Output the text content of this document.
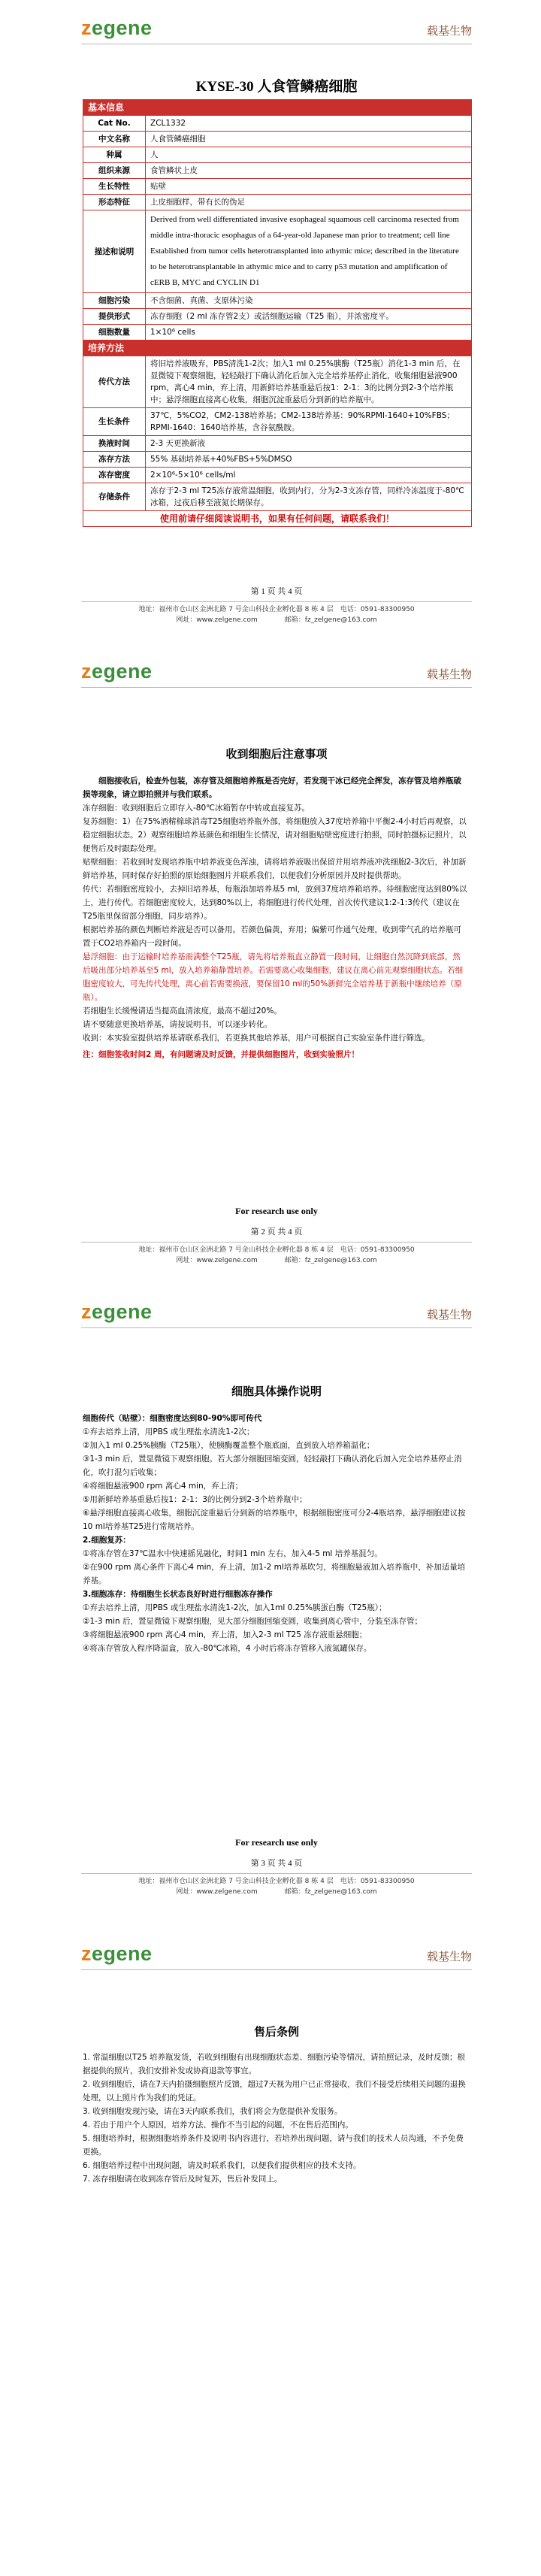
zegene	载基生物
KYSE-30 人食管鳞癌细胞
基本信息	
Cat No.	ZCL1332
中文名称	人食管鳞癌细胞
种属	人
组织来源	食管鳞状上皮
生长特性	贴壁
形态特征	上皮细胞样，带有长的伪足
描述和说明	Derived from well differentiated invasive esophageal squamous cell carcinoma resected from middle intra-thoracic esophagus of a 64-year-old Japanese man prior to treatment; cell line Established from tumor cells heterotransplanted into athymic mice; described in the literature to be heterotransplantable in athymic mice and to carry p53 mutation and amplification of cERB B, MYC and CYCLIN D1
细胞污染	不含细菌、真菌、支原体污染
提供形式	冻存细胞（2 ml 冻存管2支）或活细胞运输（T25 瓶），并浓密度平。
细胞数量	1×10⁶ cells
培养方法	
传代方法	将旧培养液吸弃，PBS清洗1-2次；加入1 ml 0.25%胰酶（T25瓶）消化1-3 min 后，在显微镜下观察细胞，轻轻敲打下确认消化后加入完全培养基停止消化，收集细胞悬液900 rpm，离心4 min，弃上清，用新鲜培养基重悬后按1：2-1：3的比例分到2-3个培养瓶中；悬浮细胞直接离心收集，细胞沉淀重悬后分到新的培养瓶中。
生长条件	37℃，5%CO2，CM2-138培养基；CM2-138培养基：90%RPMI-1640+10%FBS；RPMI-1640：1640培养基，含谷氨酰胺。
换液时间	2-3 天更换新液
冻存方法	55% 基础培养基+40%FBS+5%DMSO
冻存密度	2×10⁶-5×10⁶ cells/ml
存储条件	冻存于2-3 ml T25冻存液常温细胞，收到内行，分为2-3支冻存管，同样冷冻温度于-80℃冰箱，过夜后移至液氮长期保存。
使用前请仔细阅读说明书，如果有任何问题，请联系我们！	
第 1 页 共 4 页
地址：福州市仓山区金洲北路 7 号金山科技企业孵化器 8 栋 4 层　电话：0591-83300950
网址：www.zelgene.com　　　　邮箱：fz_zelgene@163.com
zegene	载基生物
收到细胞后注意事项

细胞接收后，检查外包装，冻存管及细胞培养瓶是否完好，若发现干冰已经完全挥发，冻存管及培养瓶破损等现象，请立即拍照并与我们联系。

冻存细胞：收到细胞后立即存入-80℃冰箱暂存中转或直接复苏。

复苏细胞：1）在75%酒精棉球消毒T25细胞培养瓶外部，将细胞放入37度培养箱中平衡2-4小时后再观察，以稳定细胞状态。2）观察细胞培养基颜色和细胞生长情况，请对细胞贴壁密度进行拍照，同时拍摄标记照片，以便售后及时跟踪处理。

贴壁细胞：若收到时发现培养瓶中培养液变色浑浊，请将培养液吸出保留并用培养液冲洗细胞2-3次后，补加新鲜培养基，同时保存好拍照的原始细胞图片并联系我们，以便我们分析原因并及时提供帮助。

传代：若细胞密度较小，去掉旧培养基，每瓶添加培养基5 ml，放到37度培养箱培养。待细胞密度达到80%以上，进行传代。若细胞密度较大，达到80%以上，将细胞进行传代处理，首次传代建议1:2-1:3传代（建议在T25瓶里保留部分细胞，同步培养）。

根据培养基的颜色判断培养液是否可以备用。若颜色偏黄，弃用；偏紫可作通气处理，收到带气孔的培养瓶可置于CO2培养箱内一段时间。

悬浮细胞：由于运输时培养基需满整个T25瓶，请先将培养瓶直立静置一段时间，让细胞自然沉降到底部，然后吸出部分培养基至5 ml，放入培养箱静置培养。若需要离心收集细胞，建议在离心前先观察细胞状态。若细胞密度较大，可先传代处理，离心前若需要换液，要保留10 ml的50%新鲜完全培养基于新瓶中继续培养（原瓶）。

若细胞生长缓慢请适当提高血清浓度，最高不超过20%。

请不要随意更换培养基，请按说明书，可以逐步转化。

收到：本实验室提供培养基请联系我们，若更换其他培养基，用户可根据自己实验室条件进行筛选。

注：细胞签收时间2 周，有问题请及时反馈，并提供细胞图片，收到实验照片！

For research use only
第 2 页 共 4 页
地址：福州市仓山区金洲北路 7 号金山科技企业孵化器 8 栋 4 层　电话：0591-83300950
网址：www.zelgene.com　　　　邮箱：fz_zelgene@163.com
zegene	载基生物
细胞具体操作说明

细胞传代（贴壁）：细胞密度达到80-90%即可传代

①弃去培养上清，用PBS 或生理盐水清洗1-2次；

②加入1 ml 0.25%胰酶（T25瓶），使胰酶覆盖整个瓶底面，直到放入培养箱温化；

③1-3 min 后，置显微镜下观察细胞。若大部分细胞回缩变圆，轻轻敲打下确认消化后加入完全培养基停止消化，吹打混匀后收集；

④将细胞悬液900 rpm 离心4 min，弃上清；

⑤用新鲜培养基重悬后按1：2-1：3的比例分到2-3个培养瓶中；

⑥悬浮细胞直接离心收集，细胞沉淀重悬后分到新的培养瓶中，根据细胞密度可分2-4瓶培养，悬浮细胞建议按10 ml培养基T25进行常规培养。

2.细胞复苏：

①将冻存管在37℃温水中快速摇晃融化，时间1 min 左右，加入4-5 ml 培养基混匀。

②在900 rpm 离心条件下离心4 min，弃上清，加1-2 ml培养基吹匀，将细胞悬液加入培养瓶中，补加适量培养基。

3.细胞冻存：待细胞生长状态良好时进行细胞冻存操作

①弃去培养上清，用PBS 或生理盐水清洗1-2次，加入1ml 0.25%胰蛋白酶（T25瓶）；

②1-3 min 后，置显微镜下观察细胞，见大部分细胞回缩变圆，收集到离心管中，分装至冻存管；

③将细胞悬液900 rpm 离心4 min，弃上清，加入2-3 ml T25 冻存液重悬细胞；

④将冻存管放入程序降温盒，放入-80℃冰箱，4 小时后将冻存管移入液氮罐保存。

For research use only
第 3 页 共 4 页
地址：福州市仓山区金洲北路 7 号金山科技企业孵化器 8 栋 4 层　电话：0591-83300950
网址：www.zelgene.com　　　　邮箱：fz_zelgene@163.com
zegene	载基生物
售后条例

1. 常温细胞以T25 培养瓶发货，若收到细胞有出现细胞状态差、细胞污染等情况，请拍照记录，及时反馈；根据提供的照片，我们安排补发或协商退款等事宜。

2. 收到细胞后，请在7天内拍摄细胞照片反馈，超过7天视为用户已正常接收，我们不接受后续相关问题的退换处理，以上照片作为我们的凭证。

3. 收到细胞发现污染，请在3天内联系我们，我们将会为您提供补发服务。

4. 若由于用户个人原因，培养方法、操作不当引起的问题，不在售后范围内。

5. 细胞培养时，根据细胞培养条件及说明书内容进行，若培养出现问题，请与我们的技术人员沟通，不予免费更换。

6. 细胞培养过程中出现问题，请及时联系我们，以便我们提供相应的技术支持。

7. 冻存细胞请在收到冻存管后及时复苏，售后补发同上。
